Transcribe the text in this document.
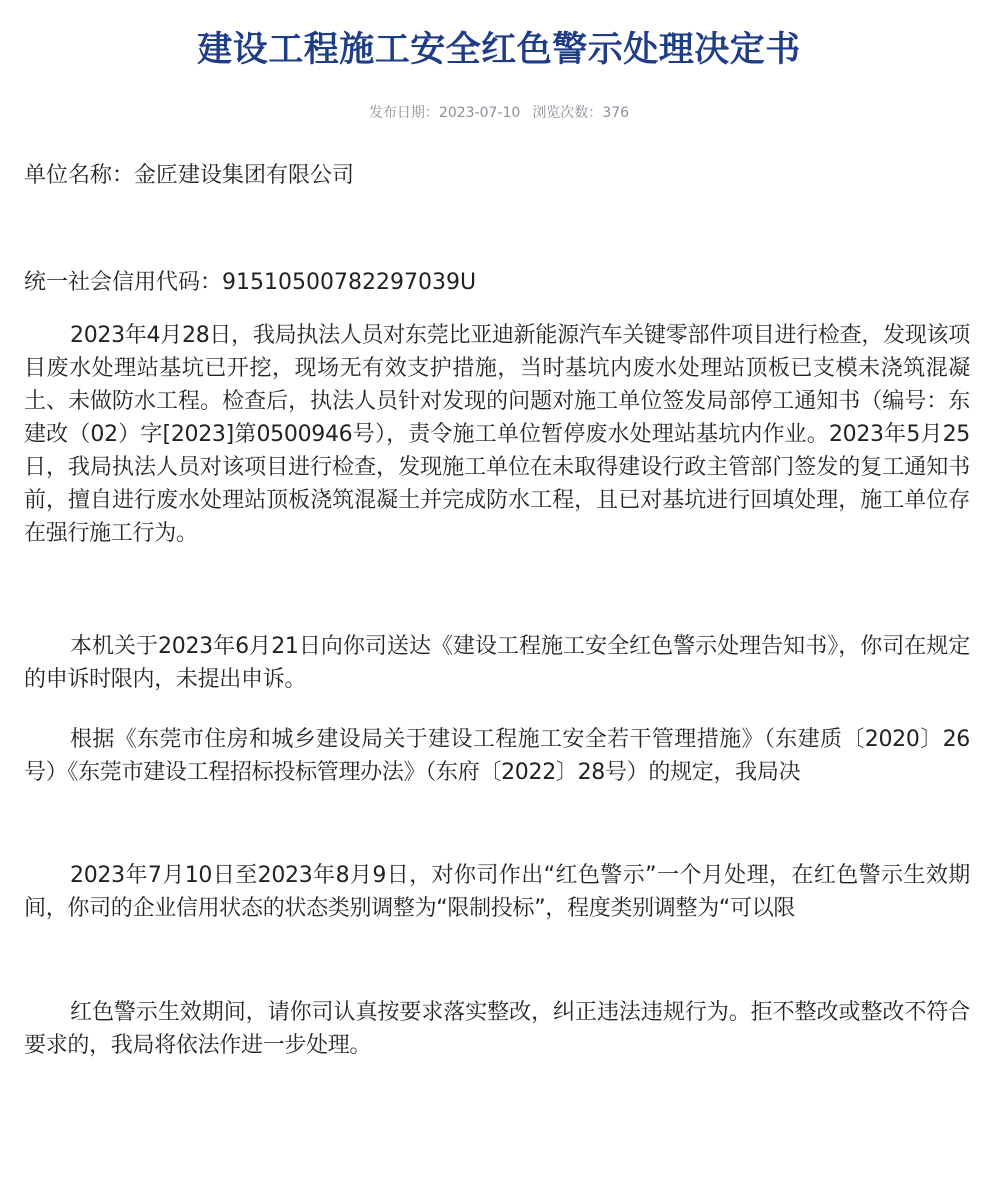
建设工程施工安全红色警示处理决定书
发布日期：2023-07-10 浏览次数：376
单位名称：金匠建设集团有限公司
统一社会信用代码：91510500782297039U
2023年4月28日，我局执法人员对东莞比亚迪新能源汽车关键零部件项目进行检查，发现该项目废水处理站基坑已开挖，现场无有效支护措施，当时基坑内废水处理站顶板已支模未浇筑混凝土、未做防水工程。检查后，执法人员针对发现的问题对施工单位签发局部停工通知书（编号：东建改（02）字[2023]第0500946号），责令施工单位暂停废水处理站基坑内作业。2023年5月25日，我局执法人员对该项目进行检查，发现施工单位在未取得建设行政主管部门签发的复工通知书前，擅自进行废水处理站顶板浇筑混凝土并完成防水工程，且已对基坑进行回填处理，施工单位存在强行施工行为。
本机关于2023年6月21日向你司送达《建设工程施工安全红色警示处理告知书》，你司在规定的申诉时限内，未提出申诉。
根据《东莞市住房和城乡建设局关于建设工程施工安全若干管理措施》（东建质〔2020〕26号）《东莞市建设工程招标投标管理办法》（东府〔2022〕28号）的规定，我局决
2023年7月10日至2023年8月9日，对你司作出“红色警示”一个月处理，在红色警示生效期间，你司的企业信用状态的状态类别调整为“限制投标”，程度类别调整为“可以限
红色警示生效期间，请你司认真按要求落实整改，纠正违法违规行为。拒不整改或整改不符合要求的，我局将依法作进一步处理。
